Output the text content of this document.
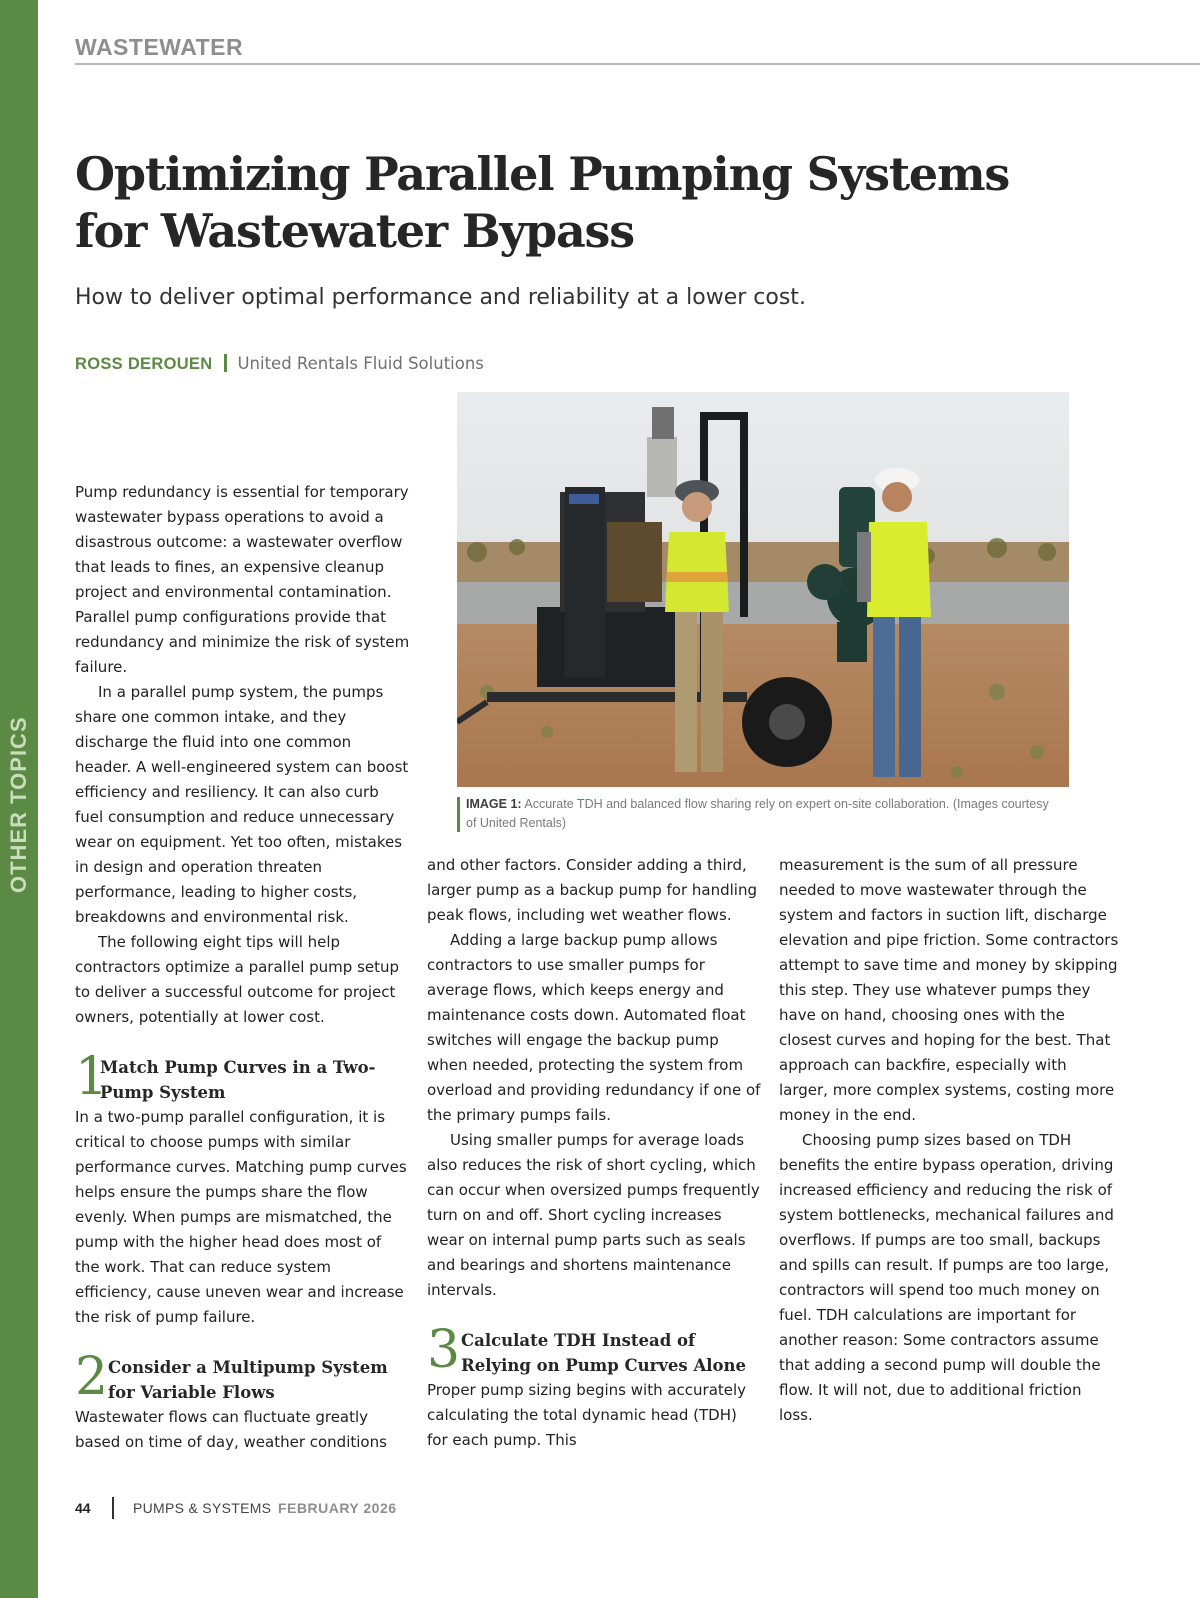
OTHER TOPICS
WASTEWATER
Optimizing Parallel Pumping Systems for Wastewater Bypass
How to deliver optimal performance and reliability at a lower cost.
ROSS DEROUEN United Rentals Fluid Solutions
IMAGE 1: Accurate TDH and balanced flow sharing rely on expert on-site collaboration. (Images courtesy of United Rentals)

Pump redundancy is essential for temporary wastewater bypass operations to avoid a disastrous outcome: a wastewater overflow that leads to fines, an expensive cleanup project and environmental contamination. Parallel pump configurations provide that redundancy and minimize the risk of system failure.

In a parallel pump system, the pumps share one common intake, and they discharge the fluid into one common header. A well-engineered system can boost efficiency and resiliency. It can also curb fuel consumption and reduce unnecessary wear on equipment. Yet too often, mistakes in design and operation threaten performance, leading to higher costs, breakdowns and environmental risk.

The following eight tips will help contractors optimize a parallel pump setup to deliver a successful outcome for project owners, potentially at lower cost.

1
Match Pump Curves in a Two-Pump System

In a two-pump parallel configuration, it is critical to choose pumps with similar performance curves. Matching pump curves helps ensure the pumps share the flow evenly. When pumps are mismatched, the pump with the higher head does most of the work. That can reduce system efficiency, cause uneven wear and increase the risk of pump failure.

2 Consider a Multipump System for Variable Flows

Wastewater flows can fluctuate greatly based on time of day, weather conditions

and other factors. Consider adding a third, larger pump as a backup pump for handling peak flows, including wet weather flows.

Adding a large backup pump allows contractors to use smaller pumps for average flows, which keeps energy and maintenance costs down. Automated float switches will engage the backup pump when needed, protecting the system from overload and providing redundancy if one of the primary pumps fails.

Using smaller pumps for average loads also reduces the risk of short cycling, which can occur when oversized pumps frequently turn on and off. Short cycling increases wear on internal pump parts such as seals and bearings and shortens maintenance intervals.

3 Calculate TDH Instead of Relying on Pump Curves Alone

Proper pump sizing begins with accurately calculating the total dynamic head (TDH) for each pump. This

measurement is the sum of all pressure needed to move wastewater through the system and factors in suction lift, discharge elevation and pipe friction. Some contractors attempt to save time and money by skipping this step. They use whatever pumps they have on hand, choosing ones with the closest curves and hoping for the best. That approach can backfire, especially with larger, more complex systems, costing more money in the end.

Choosing pump sizes based on TDH benefits the entire bypass operation, driving increased efficiency and reducing the risk of system bottlenecks, mechanical failures and overflows. If pumps are too small, backups and spills can result. If pumps are too large, contractors will spend too much money on fuel. TDH calculations are important for another reason: Some contractors assume that adding a second pump will double the flow. It will not, due to additional friction loss.

44	PUMPS & SYSTEMS FEBRUARY 2026
